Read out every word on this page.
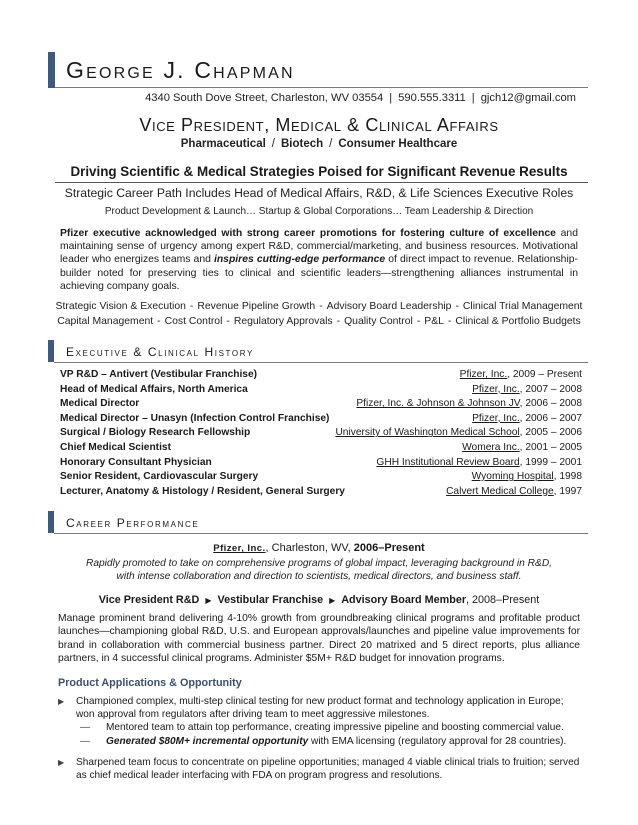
George J. Chapman
4340 South Dove Street, Charleston, WV 03554 | 590.555.3311 | gjch12@gmail.com
Vice President, Medical & Clinical Affairs
Pharmaceutical / Biotech / Consumer Healthcare
Driving Scientific & Medical Strategies Poised for Significant Revenue Results
Strategic Career Path Includes Head of Medical Affairs, R&D, & Life Sciences Executive Roles
Product Development & Launch… Startup & Global Corporations… Team Leadership & Direction
Pfizer executive acknowledged with strong career promotions for fostering culture of excellence and maintaining sense of urgency among expert R&D, commercial/marketing, and business resources. Motivational leader who energizes teams and inspires cutting-edge performance of direct impact to revenue. Relationship-builder noted for preserving ties to clinical and scientific leaders—strengthening alliances instrumental in achieving company goals.
Strategic Vision & Execution - Revenue Pipeline Growth - Advisory Board Leadership - Clinical Trial Management
Capital Management - Cost Control - Regulatory Approvals - Quality Control - P&L - Clinical & Portfolio Budgets
Executive & Clinical History
VP R&D – Antivert (Vestibular Franchise)	Pfizer, Inc., 2009 – Present
Head of Medical Affairs, North America	Pfizer, Inc., 2007 – 2008
Medical Director	Pfizer, Inc. & Johnson & Johnson JV, 2006 – 2008
Medical Director – Unasyn (Infection Control Franchise)	Pfizer, Inc., 2006 – 2007
Surgical / Biology Research Fellowship	University of Washington Medical School, 2005 – 2006
Chief Medical Scientist	Womera Inc., 2001 – 2005
Honorary Consultant Physician	GHH Institutional Review Board, 1999 – 2001
Senior Resident, Cardiovascular Surgery	Wyoming Hospital, 1998
Lecturer, Anatomy & Histology / Resident, General Surgery	Calvert Medical College, 1997
Career Performance
Pfizer, Inc., Charleston, WV, 2006–Present
Rapidly promoted to take on comprehensive programs of global impact, leveraging background in R&D,
with intense collaboration and direction to scientists, medical directors, and business staff.
Vice President R&D ▶ Vestibular Franchise ▶ Advisory Board Member, 2008–Present
Manage prominent brand delivering 4-10% growth from groundbreaking clinical programs and profitable product launches—championing global R&D, U.S. and European approvals/launches and pipeline value improvements for brand in collaboration with commercial business partner. Direct 20 matrixed and 5 direct reports, plus alliance partners, in 4 successful clinical programs. Administer $5M+ R&D budget for innovation programs.
Product Applications & Opportunity
▶ Championed complex, multi-step clinical testing for new product format and technology application in Europe; won approval from regulators after driving team to meet aggressive milestones.
— Mentored team to attain top performance, creating impressive pipeline and boosting commercial value.
— Generated $80M+ incremental opportunity with EMA licensing (regulatory approval for 28 countries).
▶ Sharpened team focus to concentrate on pipeline opportunities; managed 4 viable clinical trials to fruition; served as chief medical leader interfacing with FDA on program progress and resolutions.
